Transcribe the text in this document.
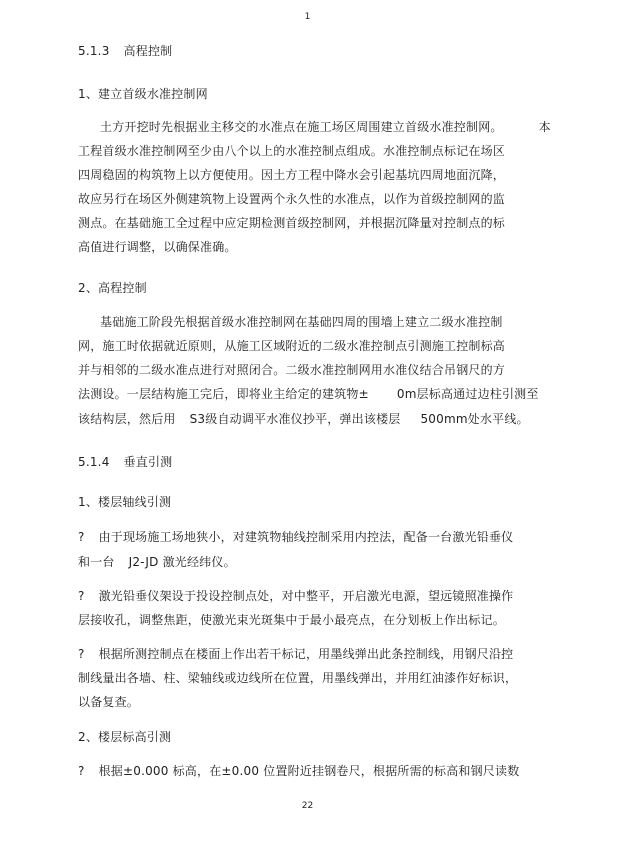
1
5.1.3 高程控制
1、建立首级水准控制网
土方开挖时先根据业主移交的水准点在施工场区周围建立首级水准控制网。	本
工程首级水准控制网至少由八个以上的水准控制点组成。水准控制点标记在场区
四周稳固的构筑物上以方便使用。因土方工程中降水会引起基坑四周地面沉降，
故应另行在场区外侧建筑物上设置两个永久性的水准点，以作为首级控制网的监
测点。在基础施工全过程中应定期检测首级控制网，并根据沉降量对控制点的标
高值进行调整，以确保准确。
2、高程控制
基础施工阶段先根据首级水准控制网在基础四周的围墙上建立二级水准控制
网，施工时依据就近原则，从施工区域附近的二级水准控制点引测施工控制标高
并与相邻的二级水准点进行对照闭合。二级水准控制网用水准仪结合吊钢尺的方
法测设。一层结构施工完后，即将业主给定的建筑物± 0m层标高通过边柱引测至
该结构层，然后用 S3级自动调平水准仪抄平，弹出该楼层 500mm处水平线。
5.1.4 垂直引测
1、楼层轴线引测
? 由于现场施工场地狭小，对建筑物轴线控制采用内控法，配备一台激光铅垂仪
和一台 J2-JD 激光经纬仪。
? 激光铅垂仪架设于投设控制点处，对中整平，开启激光电源，望远镜照准操作
层接收孔，调整焦距，使激光束光斑集中于最小最亮点，在分划板上作出标记。
? 根据所测控制点在楼面上作出若干标记，用墨线弹出此条控制线，用钢尺沿控
制线量出各墙、柱、梁轴线或边线所在位置，用墨线弹出，并用红油漆作好标识，
以备复查。
2、楼层标高引测
? 根据±0.000 标高，在±0.00 位置附近挂钢卷尺，根据所需的标高和钢尺读数
22
